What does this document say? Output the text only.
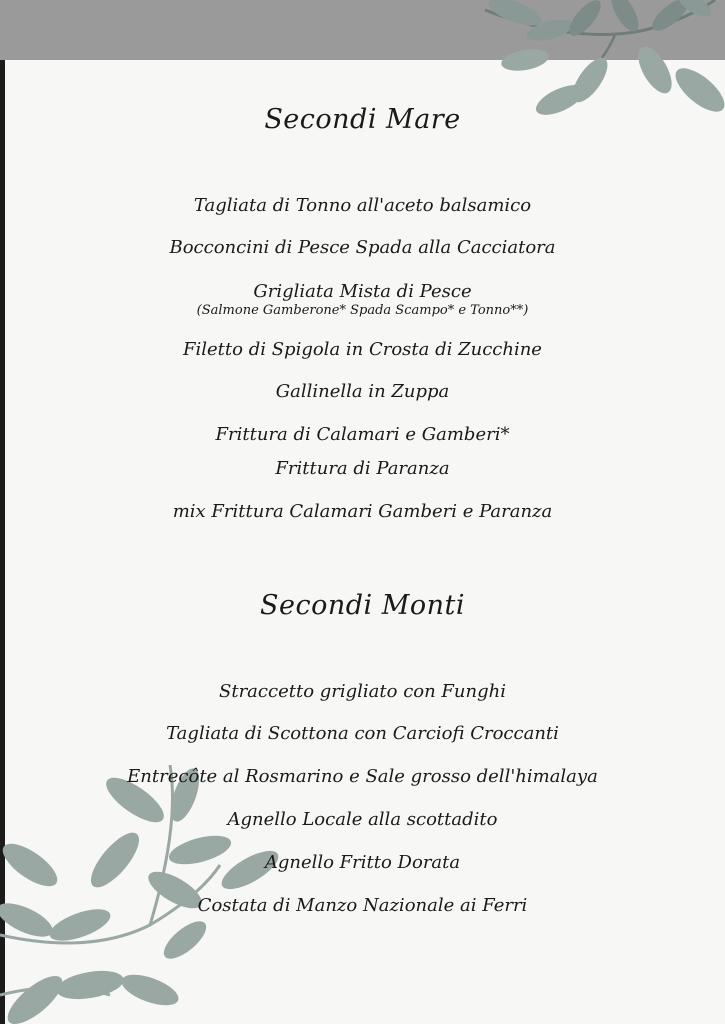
Secondi Mare
Tagliata di Tonno all'aceto balsamico
Bocconcini di Pesce Spada alla Cacciatora
Grigliata Mista di Pesce
(Salmone Gamberone* Spada Scampo* e Tonno**)
Filetto di Spigola in Crosta di Zucchine
Gallinella in Zuppa
Frittura di Calamari e Gamberi*
Frittura di Paranza
mix Frittura Calamari Gamberi e Paranza
Secondi Monti
Straccetto grigliato con Funghi
Tagliata di Scottona con Carciofi Croccanti
Entrecôte al Rosmarino e Sale grosso dell'himalaya
Agnello Locale alla scottadito
Agnello Fritto Dorata
Costata di Manzo Nazionale ai Ferri
